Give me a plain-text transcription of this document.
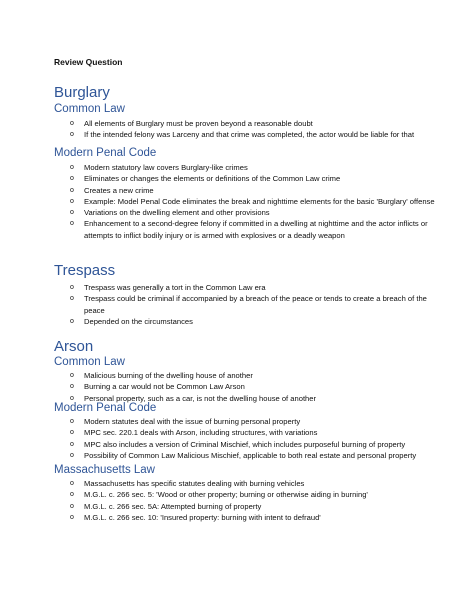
Review Question
Burglary
Common Law
o All elements of Burglary must be proven beyond a reasonable doubt
o If the intended felony was Larceny and that crime was completed, the actor would be liable for that
Modern Penal Code
o Modern statutory law covers Burglary-like crimes
o Eliminates or changes the elements or definitions of the Common Law crime
o Creates a new crime
o Example: Model Penal Code eliminates the break and nighttime elements for the basic 'Burglary' offense
o Variations on the dwelling element and other provisions
o Enhancement to a second-degree felony if committed in a dwelling at nighttime and the actor inflicts or attempts to inflict bodily injury or is armed with explosives or a deadly weapon
Trespass
o Trespass was generally a tort in the Common Law era
o Trespass could be criminal if accompanied by a breach of the peace or tends to create a breach of the peace
o Depended on the circumstances
Arson
Common Law
o Malicious burning of the dwelling house of another
o Burning a car would not be Common Law Arson
o Personal property, such as a car, is not the dwelling house of another
Modern Penal Code
o Modern statutes deal with the issue of burning personal property
o MPC sec. 220.1 deals with Arson, including structures, with variations
o MPC also includes a version of Criminal Mischief, which includes purposeful burning of property
o Possibility of Common Law Malicious Mischief, applicable to both real estate and personal property
Massachusetts Law
o Massachusetts has specific statutes dealing with burning vehicles
o M.G.L. c. 266 sec. 5: 'Wood or other property; burning or otherwise aiding in burning'
o M.G.L. c. 266 sec. 5A: Attempted burning of property
o M.G.L. c. 266 sec. 10: 'Insured property: burning with intent to defraud'
